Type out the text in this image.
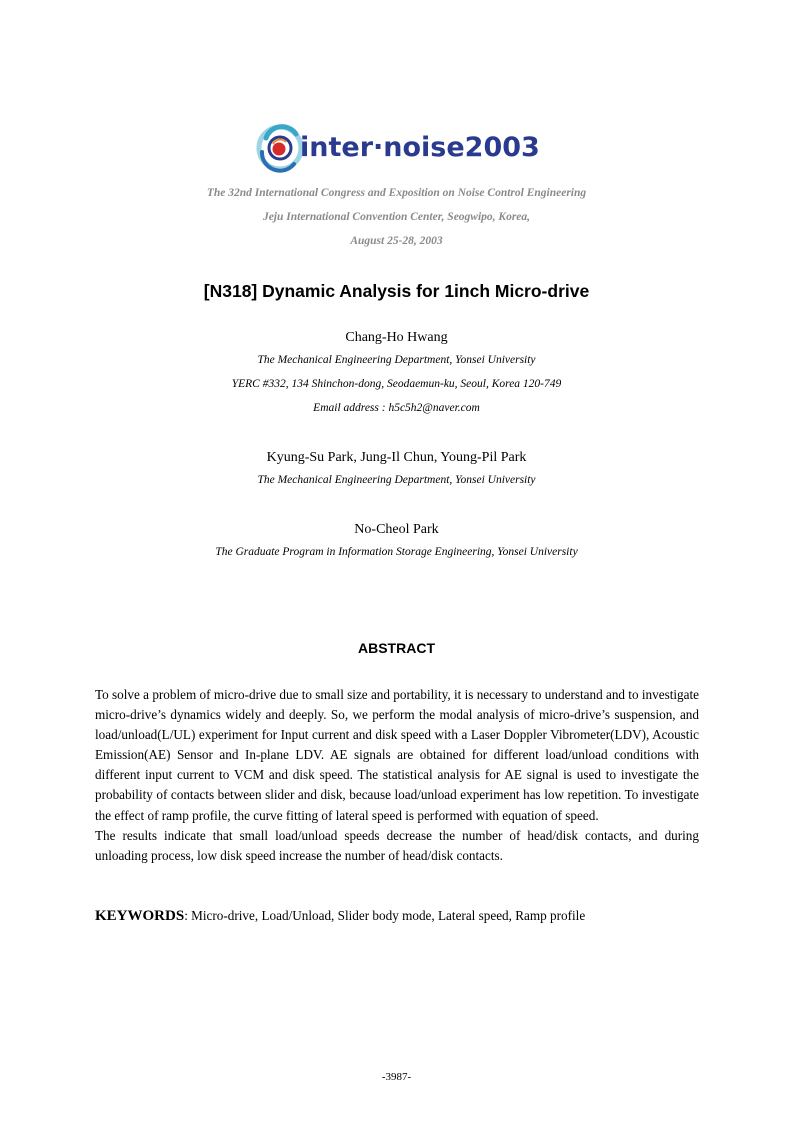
inter·noise2003
The 32nd International Congress and Exposition on Noise Control Engineering
Jeju International Convention Center, Seogwipo, Korea,
August 25-28, 2003
[N318] Dynamic Analysis for 1inch Micro-drive
Chang-Ho Hwang
The Mechanical Engineering Department, Yonsei University
YERC #332, 134 Shinchon-dong, Seodaemun-ku, Seoul, Korea 120-749
Email address : h5c5h2@naver.com
Kyung-Su Park, Jung-Il Chun, Young-Pil Park
The Mechanical Engineering Department, Yonsei University
No-Cheol Park
The Graduate Program in Information Storage Engineering, Yonsei University
ABSTRACT

To solve a problem of micro-drive due to small size and portability, it is necessary to understand and to investigate micro-drive’s dynamics widely and deeply. So, we perform the modal analysis of micro-drive’s suspension, and load/unload(L/UL) experiment for Input current and disk speed with a Laser Doppler Vibrometer(LDV), Acoustic Emission(AE) Sensor and In-plane LDV. AE signals are obtained for different load/unload conditions with different input current to VCM and disk speed. The statistical analysis for AE signal is used to investigate the probability of contacts between slider and disk, because load/unload experiment has low repetition. To investigate the effect of ramp profile, the curve fitting of lateral speed is performed with equation of speed.

The results indicate that small load/unload speeds decrease the number of head/disk contacts, and during unloading process, low disk speed increase the number of head/disk contacts.

KEYWORDS: Micro-drive, Load/Unload, Slider body mode, Lateral speed, Ramp profile
-3987-
